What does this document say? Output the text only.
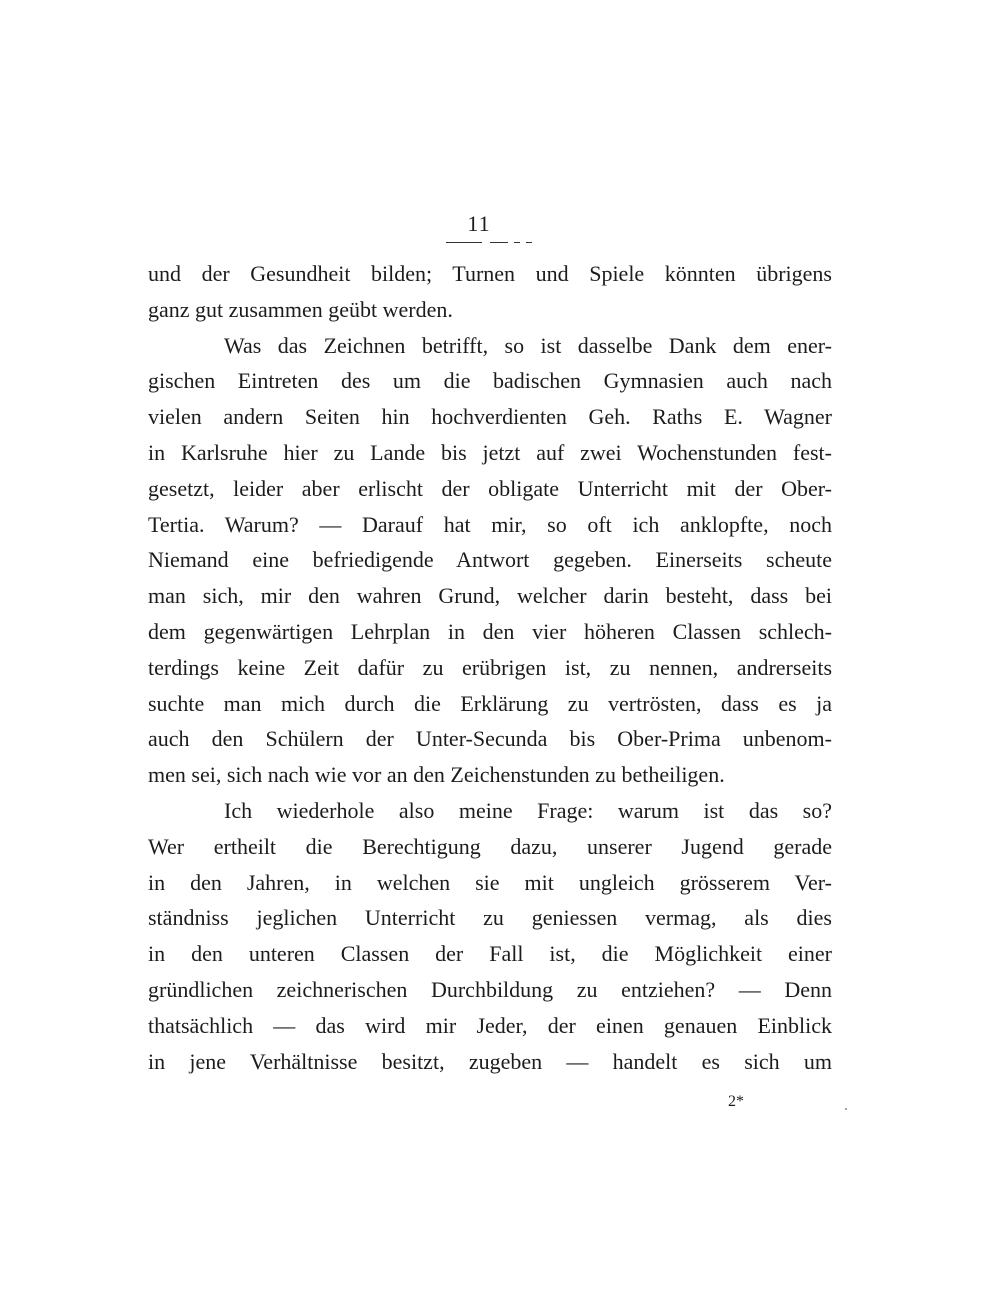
11
und der Gesundheit bilden; Turnen und Spiele könnten übrigens
ganz gut zusammen geübt werden.
Was das Zeichnen betrifft, so ist dasselbe Dank dem ener-
gischen Eintreten des um die badischen Gymnasien auch nach
vielen andern Seiten hin hochverdienten Geh. Raths E. Wagner
in Karlsruhe hier zu Lande bis jetzt auf zwei Wochenstunden fest-
gesetzt, leider aber erlischt der obligate Unterricht mit der Ober-
Tertia. Warum? — Darauf hat mir, so oft ich anklopfte, noch
Niemand eine befriedigende Antwort gegeben. Einerseits scheute
man sich, mir den wahren Grund, welcher darin besteht, dass bei
dem gegenwärtigen Lehrplan in den vier höheren Classen schlech-
terdings keine Zeit dafür zu erübrigen ist, zu nennen, andrerseits
suchte man mich durch die Erklärung zu vertrösten, dass es ja
auch den Schülern der Unter-Secunda bis Ober-Prima unbenom-
men sei, sich nach wie vor an den Zeichenstunden zu betheiligen.
Ich wiederhole also meine Frage: warum ist das so?
Wer ertheilt die Berechtigung dazu, unserer Jugend gerade
in den Jahren, in welchen sie mit ungleich grösserem Ver-
ständniss jeglichen Unterricht zu geniessen vermag, als dies
in den unteren Classen der Fall ist, die Möglichkeit einer
gründlichen zeichnerischen Durchbildung zu entziehen? — Denn
thatsächlich — das wird mir Jeder, der einen genauen Einblick
in jene Verhältnisse besitzt, zugeben — handelt es sich um
2*
